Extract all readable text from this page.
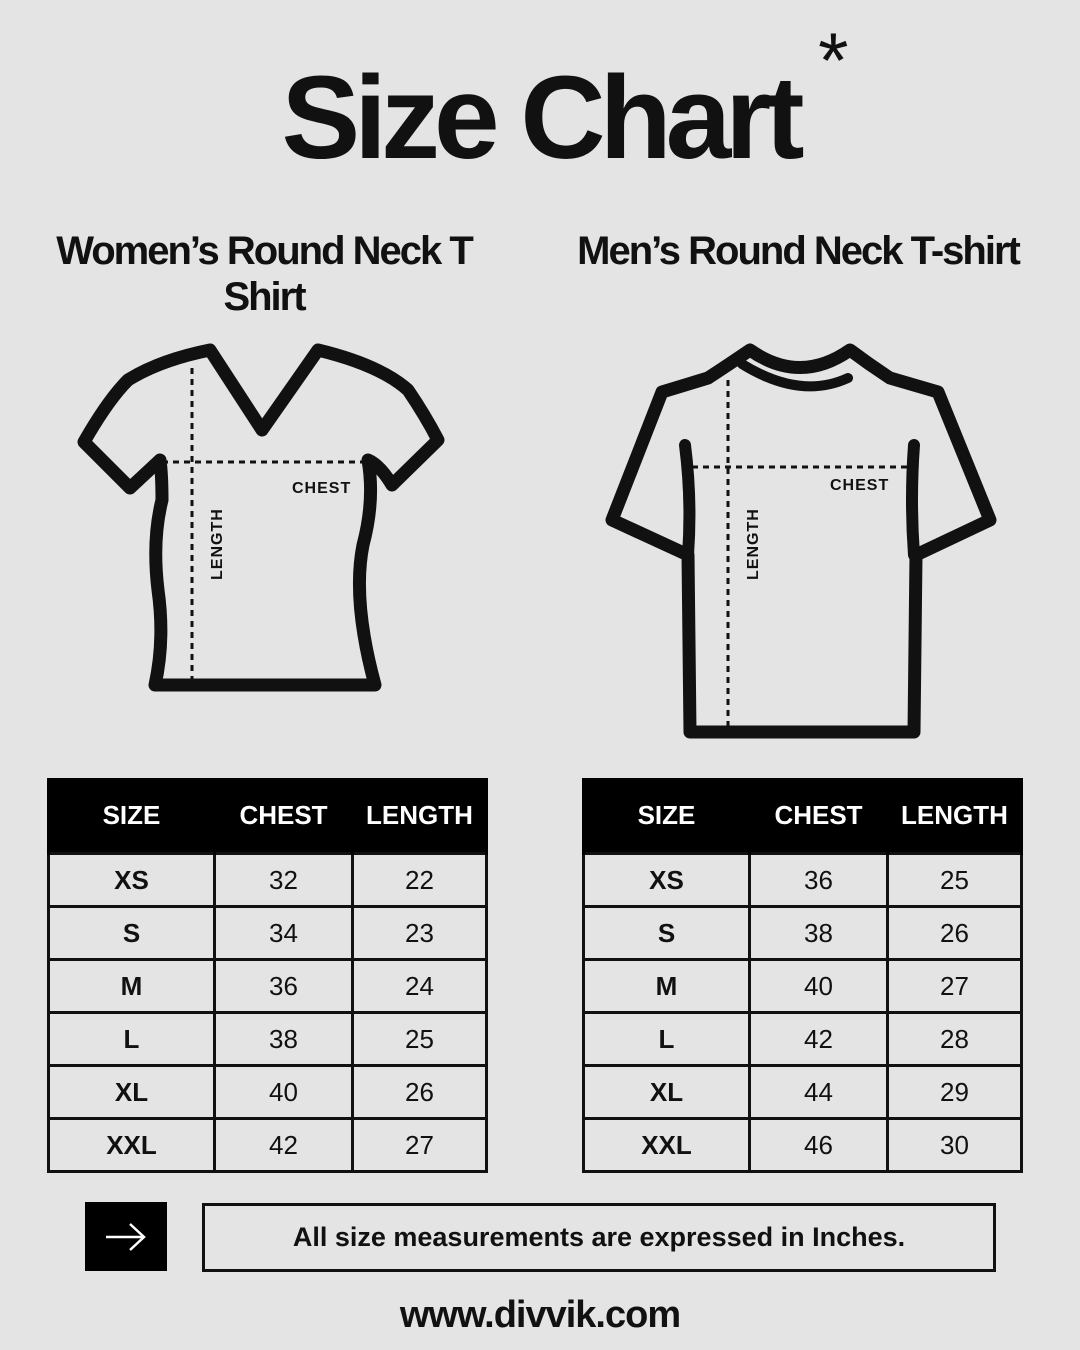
Size Chart *
Women’s Round Neck T Shirt
Men’s Round Neck T-shirt
CHEST
LENGTH
CHEST
LENGTH
SIZE	CHEST	LENGTH
XS	32	22
S	34	23
M	36	24
L	38	25
XL	40	26
XXL	42	27
SIZE	CHEST	LENGTH
XS	36	25
S	38	26
M	40	27
L	42	28
XL	44	29
XXL	46	30
All size measurements are expressed in Inches.
www.divvik.com
